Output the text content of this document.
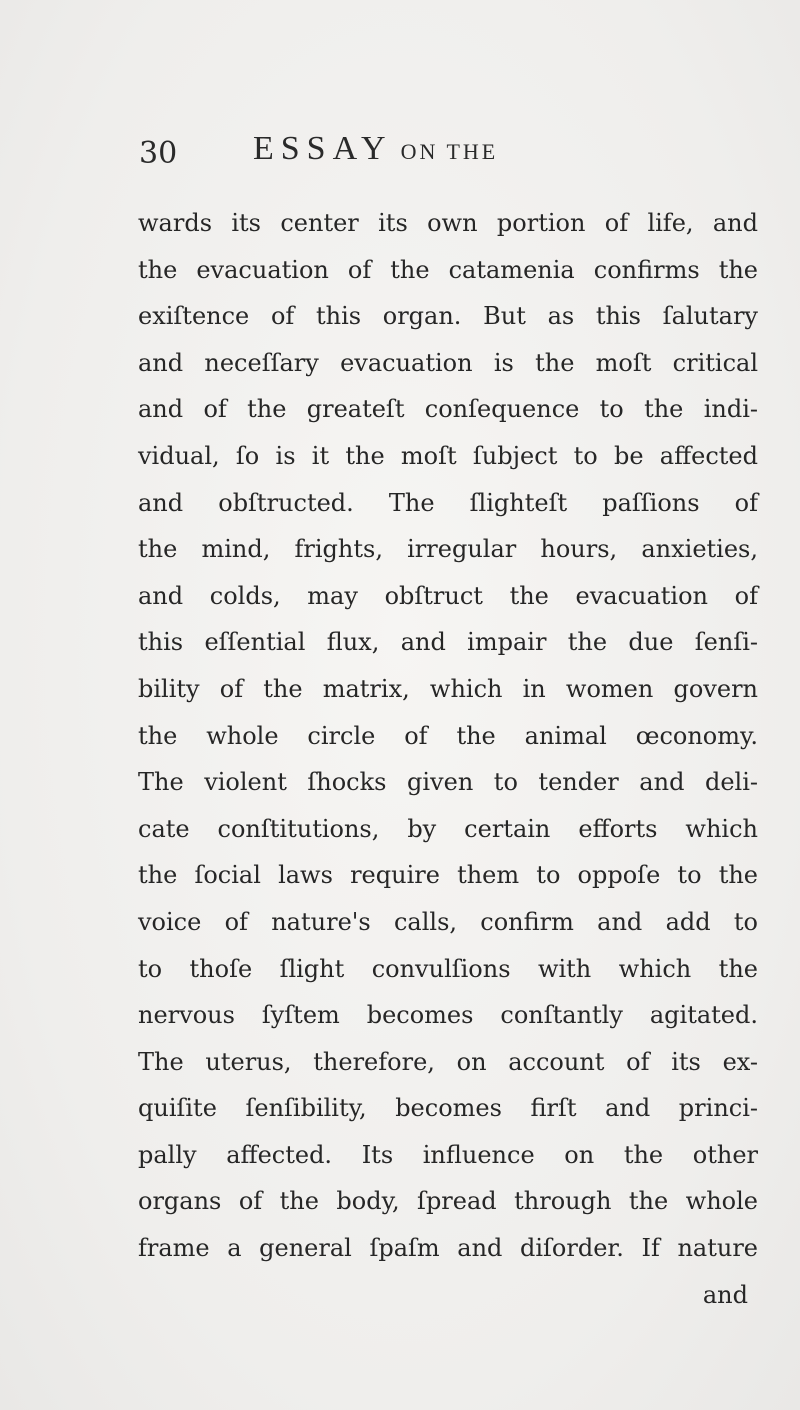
30 ESSAY ON THE
wards its center its own portion of life, and
the evacuation of the catamenia confirms the
exiſtence of this organ. But as this ſalutary
and neceſſary evacuation is the moſt critical
and of the greateſt conſequence to the indi-
vidual, ſo is it the moſt ſubject to be affected
and obſtructed. The ſlighteſt paſſions of
the mind, frights, irregular hours, anxieties,
and colds, may obſtruct the evacuation of
this eſſential flux, and impair the due ſenſi-
bility of the matrix, which in women govern
the whole circle of the animal œconomy.
The violent ſhocks given to tender and deli-
cate conſtitutions, by certain efforts which
the ſocial laws require them to oppoſe to the
voice of nature's calls, confirm and add to
to thoſe ſlight convulſions with which the
nervous ſyſtem becomes conſtantly agitated.
The uterus, therefore, on account of its ex-
quiſite ſenſibility, becomes firſt and princi-
pally affected. Its influence on the other
organs of the body, ſpread through the whole
frame a general ſpaſm and diſorder. If nature
and
